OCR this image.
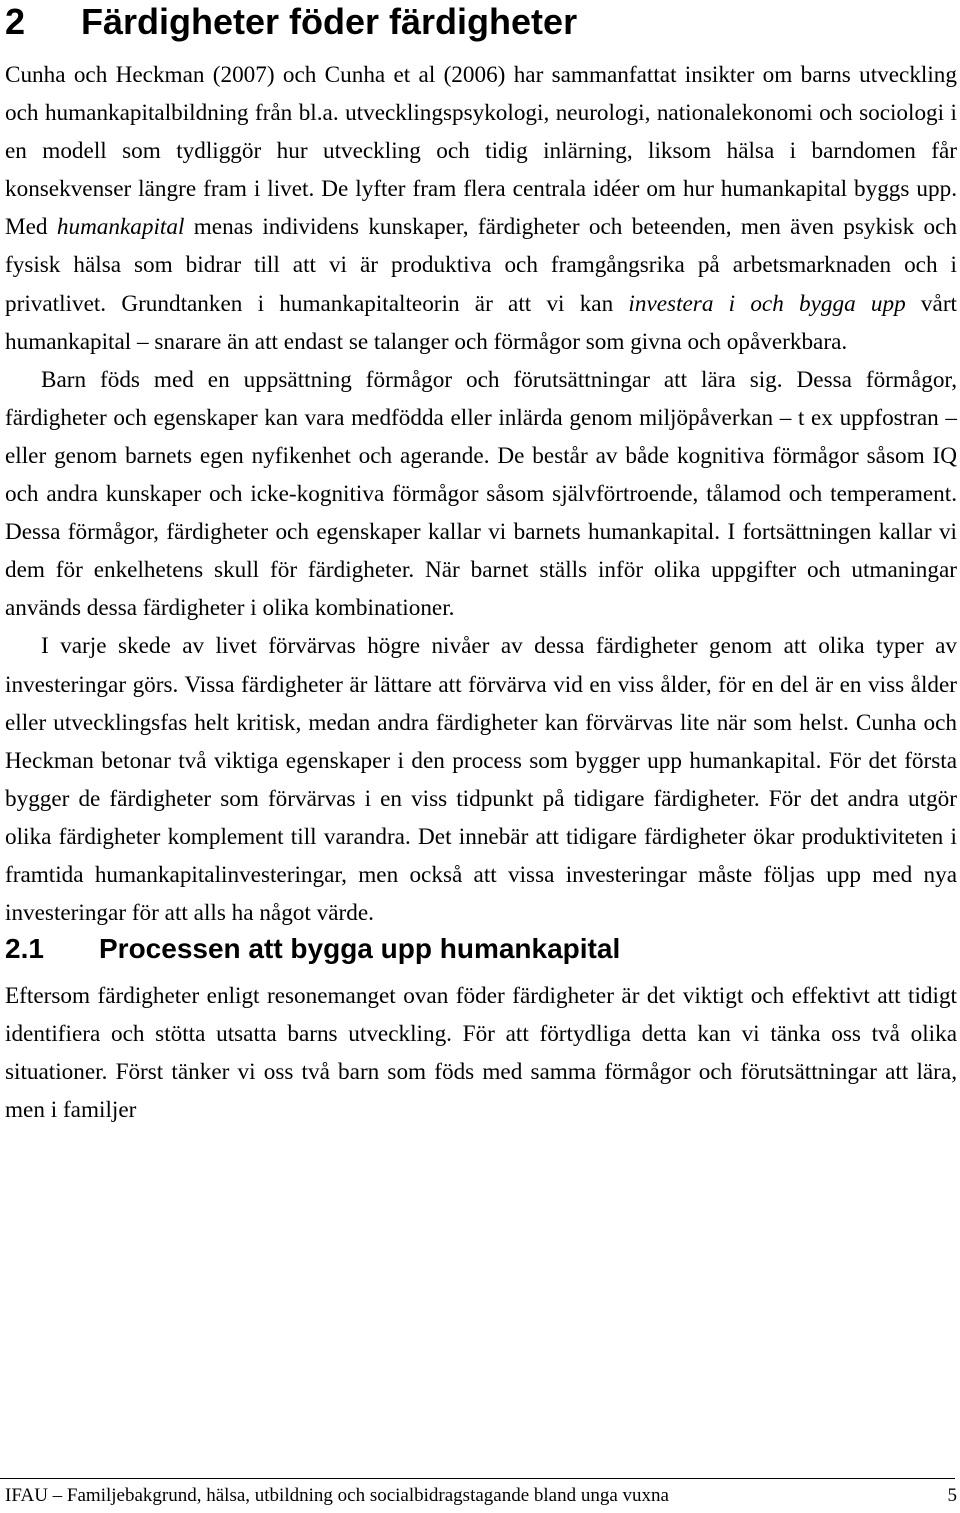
2 Färdigheter föder färdigheter

Cunha och Heckman (2007) och Cunha et al (2006) har sammanfattat insikter om barns utveckling och humankapitalbildning från bl.a. utvecklingspsykologi, neurologi, nationalekonomi och sociologi i en modell som tydliggör hur utveckling och tidig inlärning, liksom hälsa i barndomen får konsekvenser längre fram i livet. De lyfter fram flera centrala idéer om hur humankapital byggs upp. Med humankapital menas individens kunskaper, färdigheter och beteenden, men även psykisk och fysisk hälsa som bidrar till att vi är produktiva och framgångsrika på arbetsmarknaden och i privatlivet. Grundtanken i humankapitalteorin är att vi kan investera i och bygga upp vårt humankapital – snarare än att endast se talanger och förmågor som givna och opåverkbara.

Barn föds med en uppsättning förmågor och förutsättningar att lära sig. Dessa förmågor, färdigheter och egenskaper kan vara medfödda eller inlärda genom miljöpåverkan – t ex uppfostran – eller genom barnets egen nyfikenhet och agerande. De består av både kognitiva förmågor såsom IQ och andra kunskaper och icke-kognitiva förmågor såsom självförtroende, tålamod och temperament. Dessa förmågor, färdigheter och egenskaper kallar vi barnets humankapital. I fortsättningen kallar vi dem för enkelhetens skull för färdigheter. När barnet ställs inför olika uppgifter och utmaningar används dessa färdigheter i olika kombinationer.

I varje skede av livet förvärvas högre nivåer av dessa färdigheter genom att olika typer av investeringar görs. Vissa färdigheter är lättare att förvärva vid en viss ålder, för en del är en viss ålder eller utvecklingsfas helt kritisk, medan andra färdigheter kan förvärvas lite när som helst. Cunha och Heckman betonar två viktiga egenskaper i den process som bygger upp humankapital. För det första bygger de färdigheter som förvärvas i en viss tidpunkt på tidigare färdigheter. För det andra utgör olika färdigheter komplement till varandra. Det innebär att tidigare färdigheter ökar produktiviteten i framtida humankapitalinvesteringar, men också att vissa investeringar måste följas upp med nya investeringar för att alls ha något värde.

2.1 Processen att bygga upp humankapital

Eftersom färdigheter enligt resonemanget ovan föder färdigheter är det viktigt och effektivt att tidigt identifiera och stötta utsatta barns utveckling. För att förtydliga detta kan vi tänka oss två olika situationer. Först tänker vi oss två barn som föds med samma förmågor och förutsättningar att lära, men i familjer

IFAU – Familjebakgrund, hälsa, utbildning och socialbidragstagande bland unga vuxna	5
